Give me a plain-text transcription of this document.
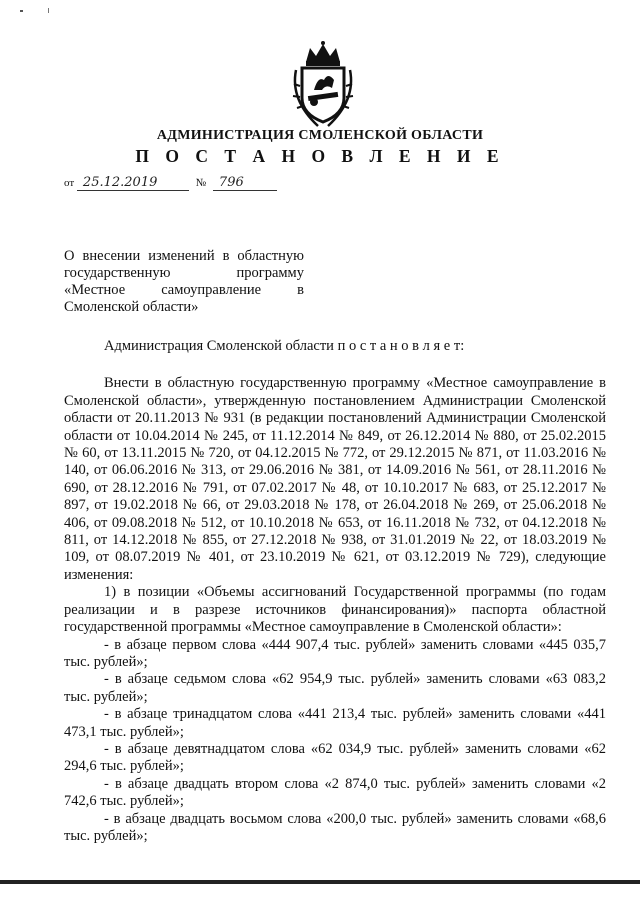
АДМИНИСТРАЦИЯ СМОЛЕНСКОЙ ОБЛАСТИ
П О С Т А Н О В Л Е Н И Е
от 25.12.2019	№ 796
О внесении изменений в областную
государственную программу
«Местное самоуправление в
Смоленской области»

Администрация Смоленской области п о с т а н о в л я е т:

Внести в областную государственную программу «Местное самоуправление в Смоленской области», утвержденную постановлением Администрации Смоленской области от 20.11.2013 № 931 (в редакции постановлений Администрации Смоленской области от 10.04.2014 № 245, от 11.12.2014 № 849, от 26.12.2014 № 880, от 25.02.2015 № 60, от 13.11.2015 № 720, от 04.12.2015 № 772, от 29.12.2015 № 871, от 11.03.2016 № 140, от 06.06.2016 № 313, от 29.06.2016 № 381, от 14.09.2016 № 561, от 28.11.2016 № 690, от 28.12.2016 № 791, от 07.02.2017 № 48, от 10.10.2017 № 683, от 25.12.2017 № 897, от 19.02.2018 № 66, от 29.03.2018 № 178, от 26.04.2018 № 269, от 25.06.2018 № 406, от 09.08.2018 № 512, от 10.10.2018 № 653, от 16.11.2018 № 732, от 04.12.2018 № 811, от 14.12.2018 № 855, от 27.12.2018 № 938, от 31.01.2019 № 22, от 18.03.2019 № 109, от 08.07.2019 № 401, от 23.10.2019 № 621, от 03.12.2019 № 729), следующие изменения:

1) в позиции «Объемы ассигнований Государственной программы (по годам реализации и в разрезе источников финансирования)» паспорта областной государственной программы «Местное самоуправление в Смоленской области»:

- в абзаце первом слова «444 907,4 тыс. рублей» заменить словами «445 035,7 тыс. рублей»;

- в абзаце седьмом слова «62 954,9 тыс. рублей» заменить словами «63 083,2 тыс. рублей»;

- в абзаце тринадцатом слова «441 213,4 тыс. рублей» заменить словами «441 473,1 тыс. рублей»;

- в абзаце девятнадцатом слова «62 034,9 тыс. рублей» заменить словами «62 294,6 тыс. рублей»;

- в абзаце двадцать втором слова «2 874,0 тыс. рублей» заменить словами «2 742,6 тыс. рублей»;

- в абзаце двадцать восьмом слова «200,0 тыс. рублей» заменить словами «68,6 тыс. рублей»;
